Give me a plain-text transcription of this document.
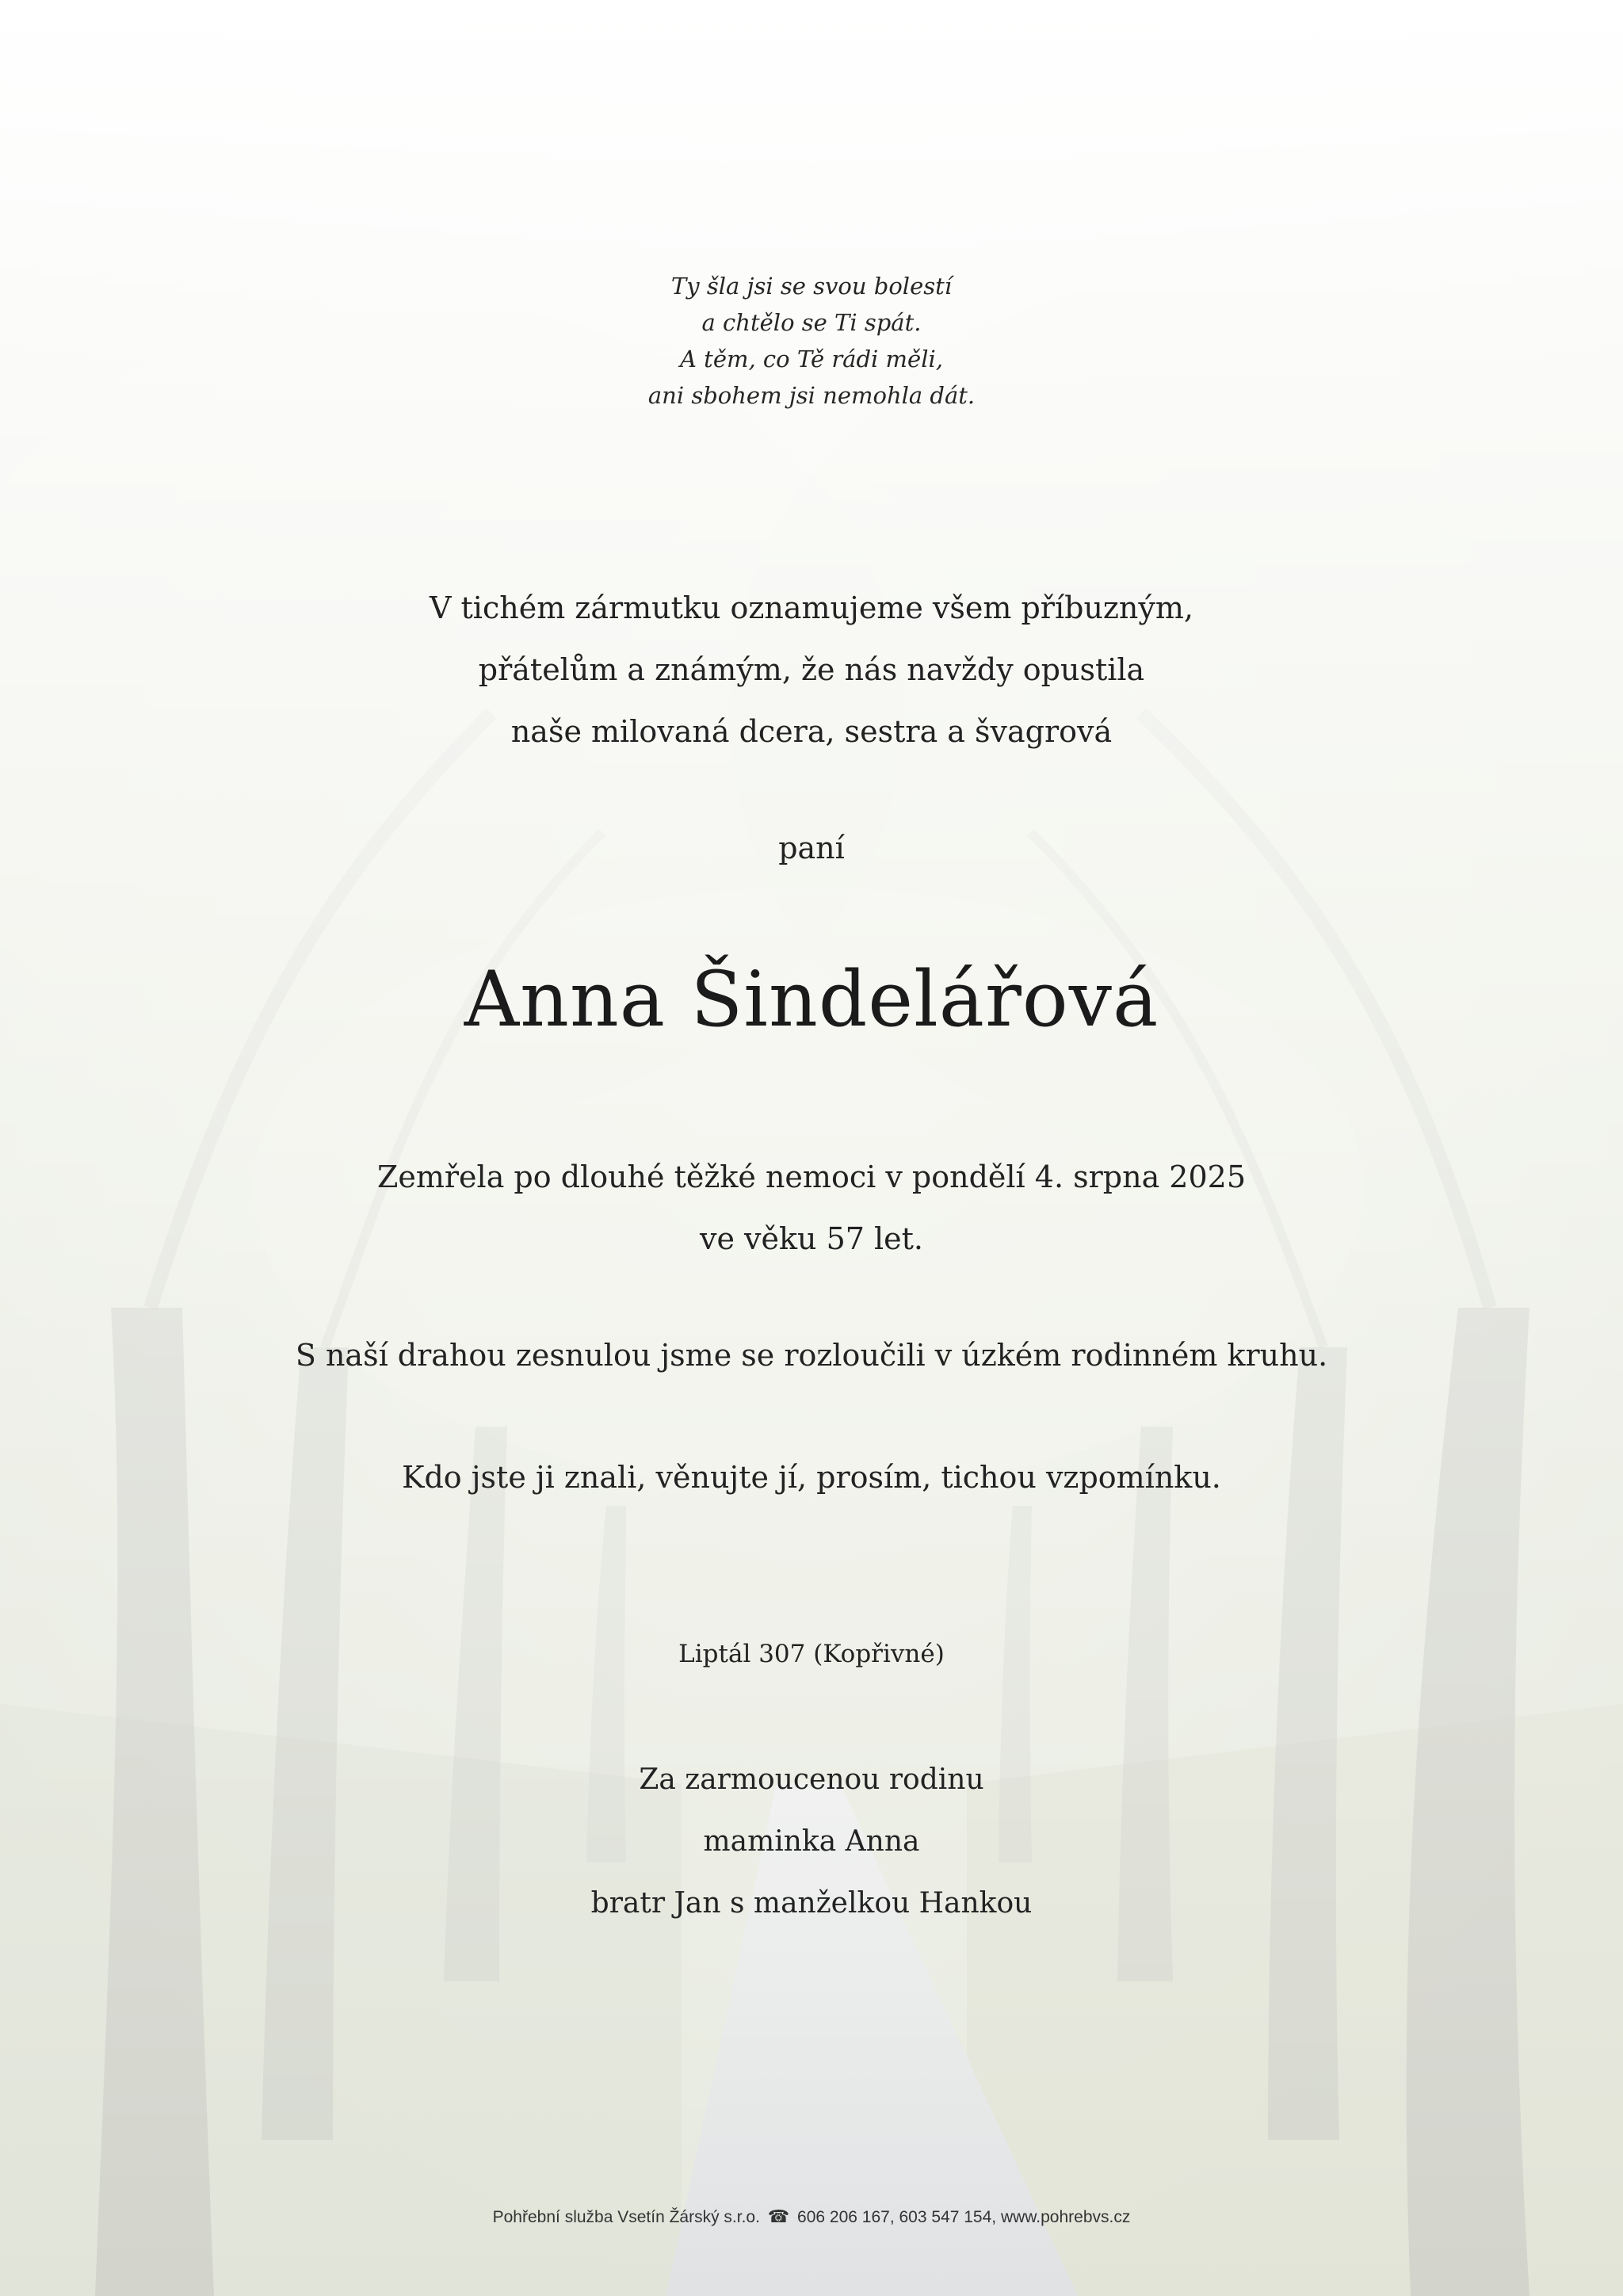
Ty šla jsi se svou bolestí
a chtělo se Ti spát.
A těm, co Tě rádi měli,
ani sbohem jsi nemohla dát.
V tichém zármutku oznamujeme všem příbuzným,
přátelům a známým, že nás navždy opustila
naše milovaná dcera, sestra a švagrová
paní
Anna Šindelářová
Zemřela po dlouhé těžké nemoci v pondělí 4. srpna 2025
ve věku 57 let.
S naší drahou zesnulou jsme se rozloučili v úzkém rodinném kruhu.
Kdo jste ji znali, věnujte jí, prosím, tichou vzpomínku.
Liptál 307 (Kopřivné)
Za zarmoucenou rodinu
maminka Anna
bratr Jan s manželkou Hankou
Pohřební služba Vsetín Žárský s.r.o. ☎ 606 206 167, 603 547 154, www.pohrebvs.cz
